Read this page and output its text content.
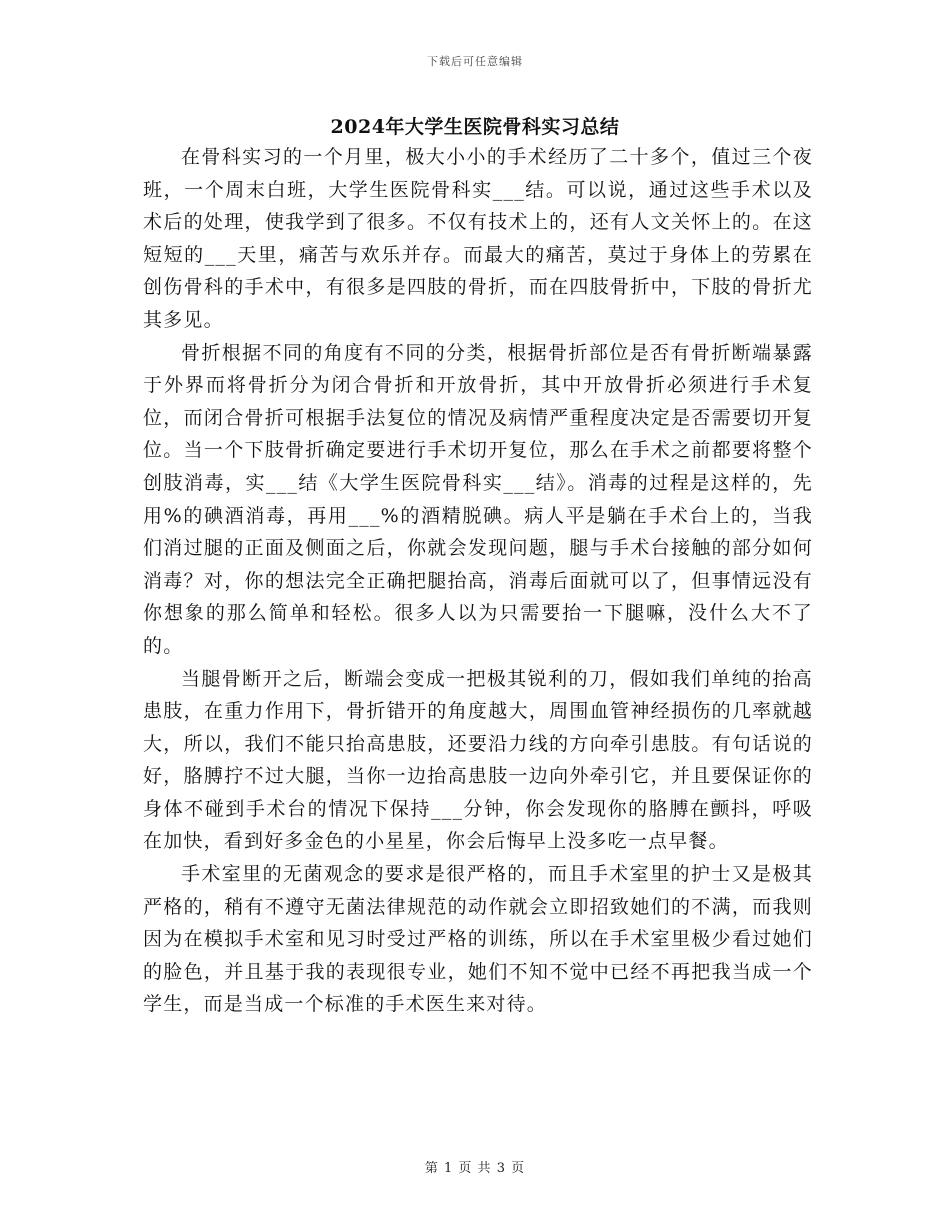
下载后可任意编辑
2024年大学生医院骨科实习总结

在骨科实习的一个月里，极大小小的手术经历了二十多个，值过三个夜班，一个周末白班，大学生医院骨科实___结。可以说，通过这些手术以及术后的处理，使我学到了很多。不仅有技术上的，还有人文关怀上的。在这短短的___天里，痛苦与欢乐并存。而最大的痛苦，莫过于身体上的劳累在创伤骨科的手术中，有很多是四肢的骨折，而在四肢骨折中，下肢的骨折尤其多见。

骨折根据不同的角度有不同的分类，根据骨折部位是否有骨折断端暴露于外界而将骨折分为闭合骨折和开放骨折，其中开放骨折必须进行手术复位，而闭合骨折可根据手法复位的情况及病情严重程度决定是否需要切开复位。当一个下肢骨折确定要进行手术切开复位，那么在手术之前都要将整个创肢消毒，实___结《大学生医院骨科实___结》。消毒的过程是这样的，先用%的碘酒消毒，再用___%的酒精脱碘。病人平是躺在手术台上的，当我们消过腿的正面及侧面之后，你就会发现问题，腿与手术台接触的部分如何消毒？对，你的想法完全正确把腿抬高，消毒后面就可以了，但事情远没有你想象的那么简单和轻松。很多人以为只需要抬一下腿嘛，没什么大不了的。

当腿骨断开之后，断端会变成一把极其锐利的刀，假如我们单纯的抬高患肢，在重力作用下，骨折错开的角度越大，周围血管神经损伤的几率就越大，所以，我们不能只抬高患肢，还要沿力线的方向牵引患肢。有句话说的好，胳膊拧不过大腿，当你一边抬高患肢一边向外牵引它，并且要保证你的身体不碰到手术台的情况下保持___分钟，你会发现你的胳膊在颤抖，呼吸在加快，看到好多金色的小星星，你会后悔早上没多吃一点早餐。

手术室里的无菌观念的要求是很严格的，而且手术室里的护士又是极其严格的，稍有不遵守无菌法律规范的动作就会立即招致她们的不满，而我则因为在模拟手术室和见习时受过严格的训练，所以在手术室里极少看过她们的脸色，并且基于我的表现很专业，她们不知不觉中已经不再把我当成一个学生，而是当成一个标准的手术医生来对待。

第 1 页 共 3 页
